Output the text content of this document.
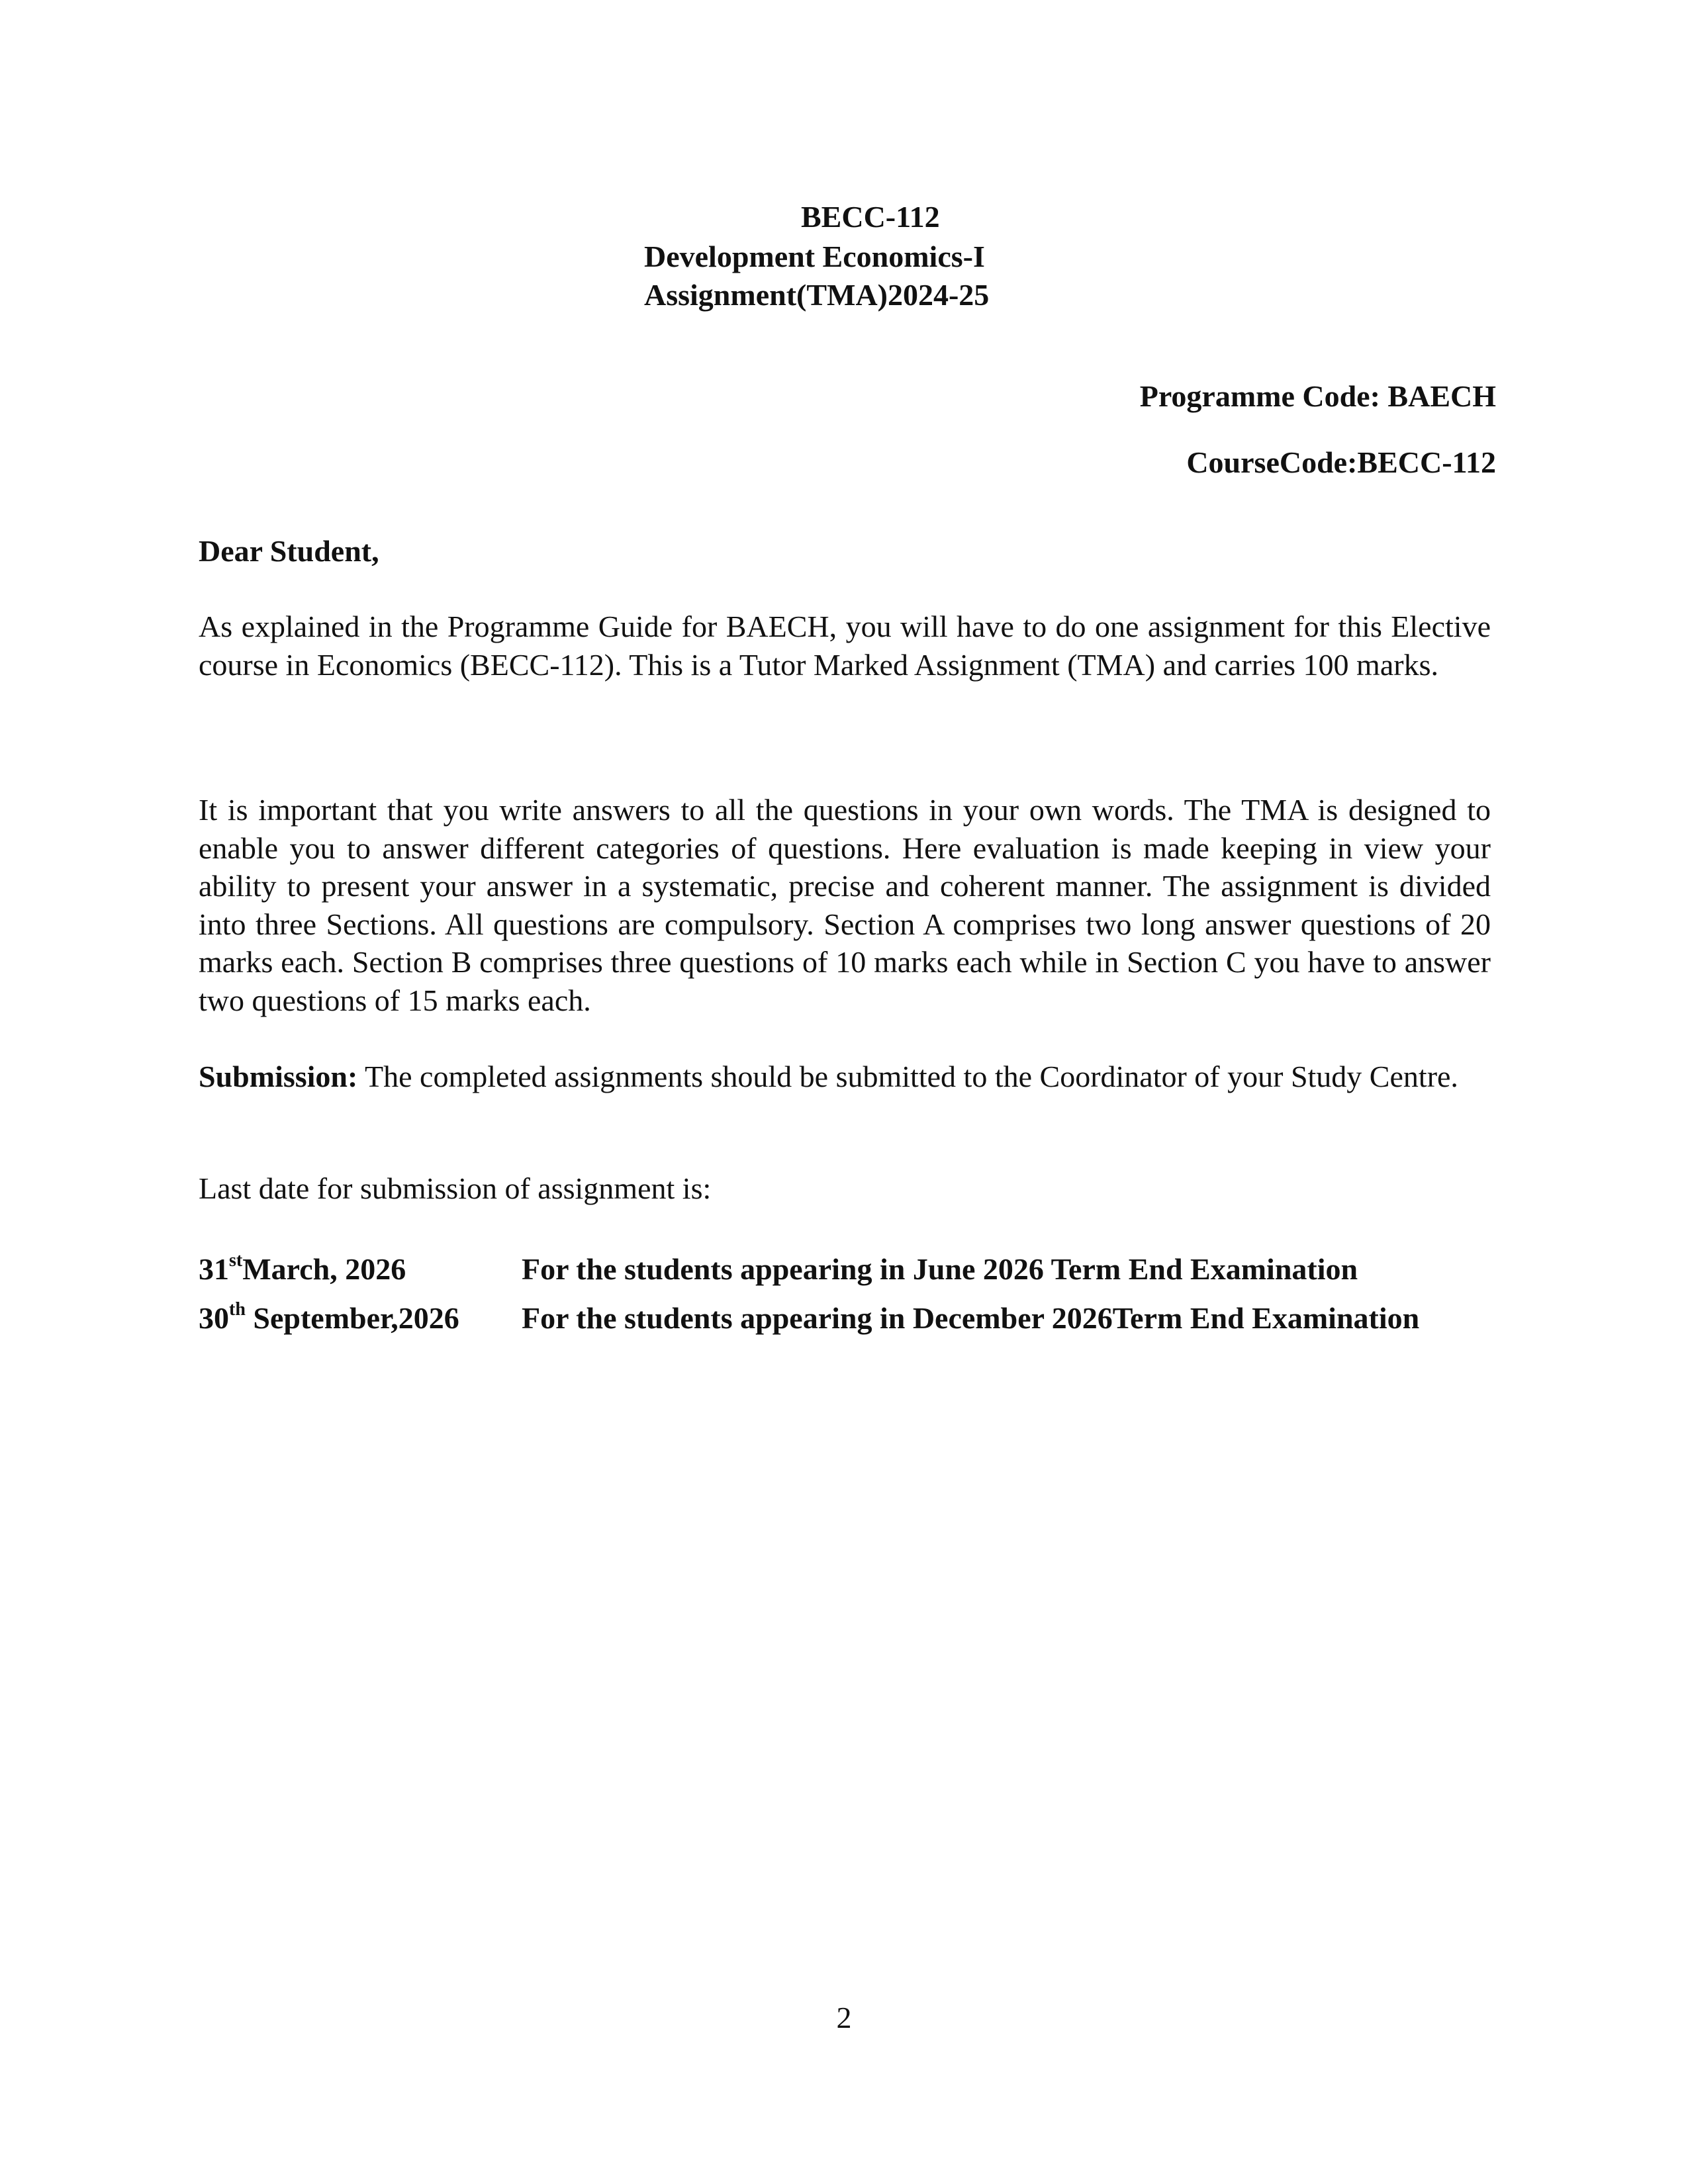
BECC-112
Development Economics-I
Assignment(TMA)2024-25
Programme Code: BAECH
CourseCode:BECC-112
Dear Student,
As explained in the Programme Guide for BAECH, you will have to do one assignment for this Elective course in Economics (BECC-112). This is a Tutor Marked Assignment (TMA) and carries 100 marks.
It is important that you write answers to all the questions in your own words. The TMA is designed to enable you to answer different categories of questions. Here evaluation is made keeping in view your ability to present your answer in a systematic, precise and coherent manner. The assignment is divided into three Sections. All questions are compulsory. Section A comprises two long answer questions of 20 marks each. Section B comprises three questions of 10 marks each while in Section C you have to answer two questions of 15 marks each.
Submission: The completed assignments should be submitted to the Coordinator of your Study Centre.
Last date for submission of assignment is:
31stMarch, 2026	For the students appearing in June 2026 Term End Examination
30th September,2026 For the students appearing in December 2026Term End Examination
2
